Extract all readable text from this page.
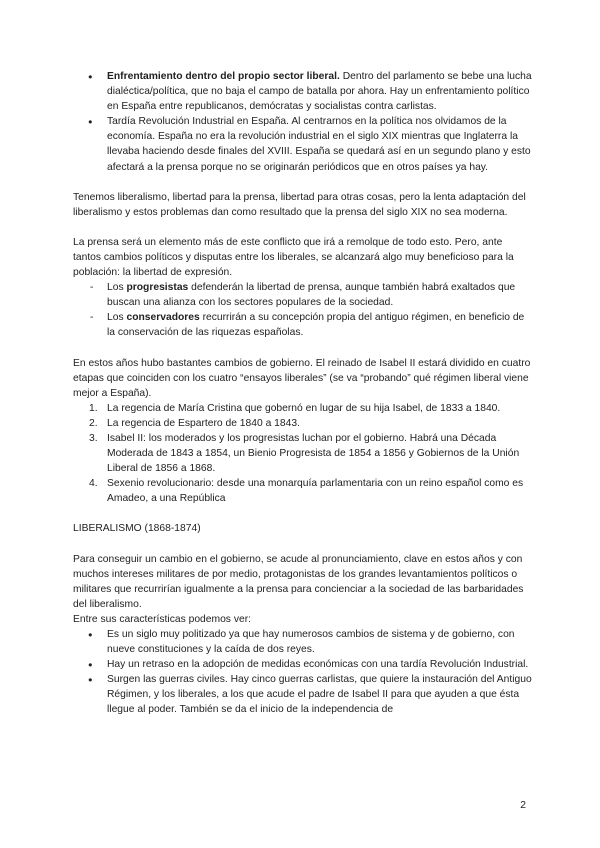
● Enfrentamiento dentro del propio sector liberal. Dentro del parlamento se bebe una lucha dialéctica/política, que no baja el campo de batalla por ahora. Hay un enfrentamiento político en España entre republicanos, demócratas y socialistas contra carlistas.
● Tardía Revolución Industrial en España. Al centrarnos en la política nos olvidamos de la economía. España no era la revolución industrial en el siglo XIX mientras que Inglaterra la llevaba haciendo desde finales del XVIII. España se quedará así en un segundo plano y esto afectará a la prensa porque no se originarán periódicos que en otros países ya hay.

Tenemos liberalismo, libertad para la prensa, libertad para otras cosas, pero la lenta adaptación del liberalismo y estos problemas dan como resultado que la prensa del siglo XIX no sea moderna.

La prensa será un elemento más de este conflicto que irá a remolque de todo esto. Pero, ante tantos cambios políticos y disputas entre los liberales, se alcanzará algo muy beneficioso para la población: la libertad de expresión.

- Los progresistas defenderán la libertad de prensa, aunque también habrá exaltados que buscan una alianza con los sectores populares de la sociedad.
- Los conservadores recurrirán a su concepción propia del antiguo régimen, en beneficio de la conservación de las riquezas españolas.

En estos años hubo bastantes cambios de gobierno. El reinado de Isabel II estará dividido en cuatro etapas que coinciden con los cuatro “ensayos liberales” (se va “probando” qué régimen liberal viene mejor a España).

1. La regencia de María Cristina que gobernó en lugar de su hija Isabel, de 1833 a 1840.
2. La regencia de Espartero de 1840 a 1843.
3. Isabel II: los moderados y los progresistas luchan por el gobierno. Habrá una Década Moderada de 1843 a 1854, un Bienio Progresista de 1854 a 1856 y Gobiernos de la Unión Liberal de 1856 a 1868.
4. Sexenio revolucionario: desde una monarquía parlamentaria con un reino español como es Amadeo, a una República

LIBERALISMO (1868-1874)

Para conseguir un cambio en el gobierno, se acude al pronunciamiento, clave en estos años y con muchos intereses militares de por medio, protagonistas de los grandes levantamientos políticos o militares que recurrirían igualmente a la prensa para concienciar a la sociedad de las barbaridades del liberalismo.

Entre sus características podemos ver:

● Es un siglo muy politizado ya que hay numerosos cambios de sistema y de gobierno, con nueve constituciones y la caída de dos reyes.
● Hay un retraso en la adopción de medidas económicas con una tardía Revolución Industrial.
● Surgen las guerras civiles. Hay cinco guerras carlistas, que quiere la instauración del Antiguo Régimen, y los liberales, a los que acude el padre de Isabel II para que ayuden a que ésta llegue al poder. También se da el inicio de la independencia de
2
